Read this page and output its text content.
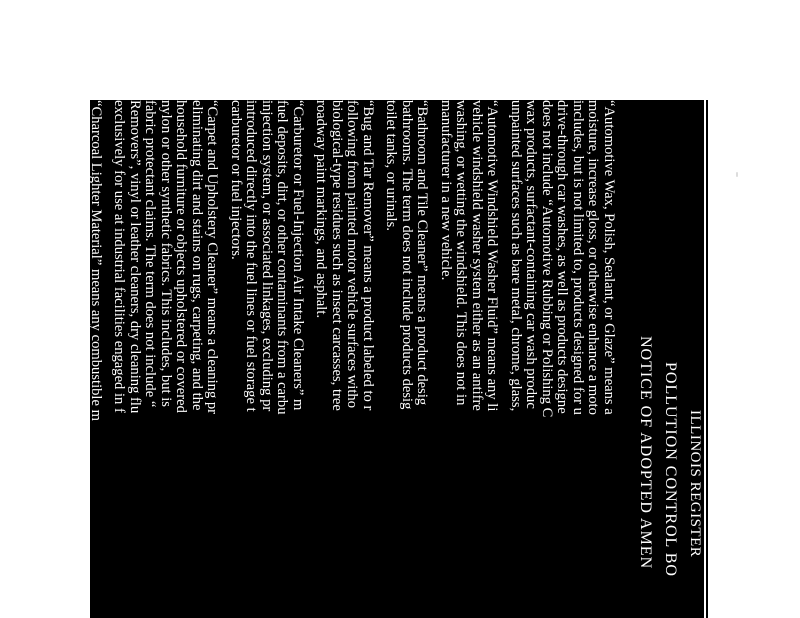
ILLINOIS REGISTER
POLLUTION CONTROL BO
NOTICE OF ADOPTED AMEN
“Automotive Wax, Polish, Sealant, or Glaze” means a
moisture, increase gloss, or otherwise enhance a moto
includes, but is not limited to, products designed for u
drive-through car washes, as well as products designe
does not include “Automotive Rubbing or Polishing C
wax products, surfactant-containing car wash produc
unpainted surfaces such as bare metal, chrome, glass,
“Automotive Windshield Washer Fluid” means any li
vehicle windshield washer system either as an antifre
washing, or wetting the windshield. This does not in
manufacturer in a new vehicle.
“Bathroom and Tile Cleaner” means a product desig
bathrooms. The term does not include products desig
toilet tanks, or urinals.
“Bug and Tar Remover” means a product labeled to r
following from painted motor vehicle surfaces witho
biological-type residues such as insect carcasses, tree
roadway paint markings, and asphalt.
“Carburetor or Fuel-Injection Air Intake Cleaners” m
fuel deposits, dirt, or other contaminants from a carbu
injection system, or associated linkages, excluding pr
introduced directly into the fuel lines or fuel storage t
carburetor or fuel injectors.
“Carpet and Upholstery Cleaner” means a cleaning pr
eliminating dirt and stains on rugs, carpeting, and the
household furniture or objects upholstered or covered
nylon or other synthetic fabrics. This includes, but is
fabric protectant claims. The term does not include “
Removers”, vinyl or leather cleaners, dry cleaning flu
exclusively for use at industrial facilities engaged in f
“Charcoal Lighter Material” means any combustible m
incorporated in, added to, or used with charcoal to en
include any of the following: electrical starters and pr
tinder, natural gas, propane, and fat wood.
